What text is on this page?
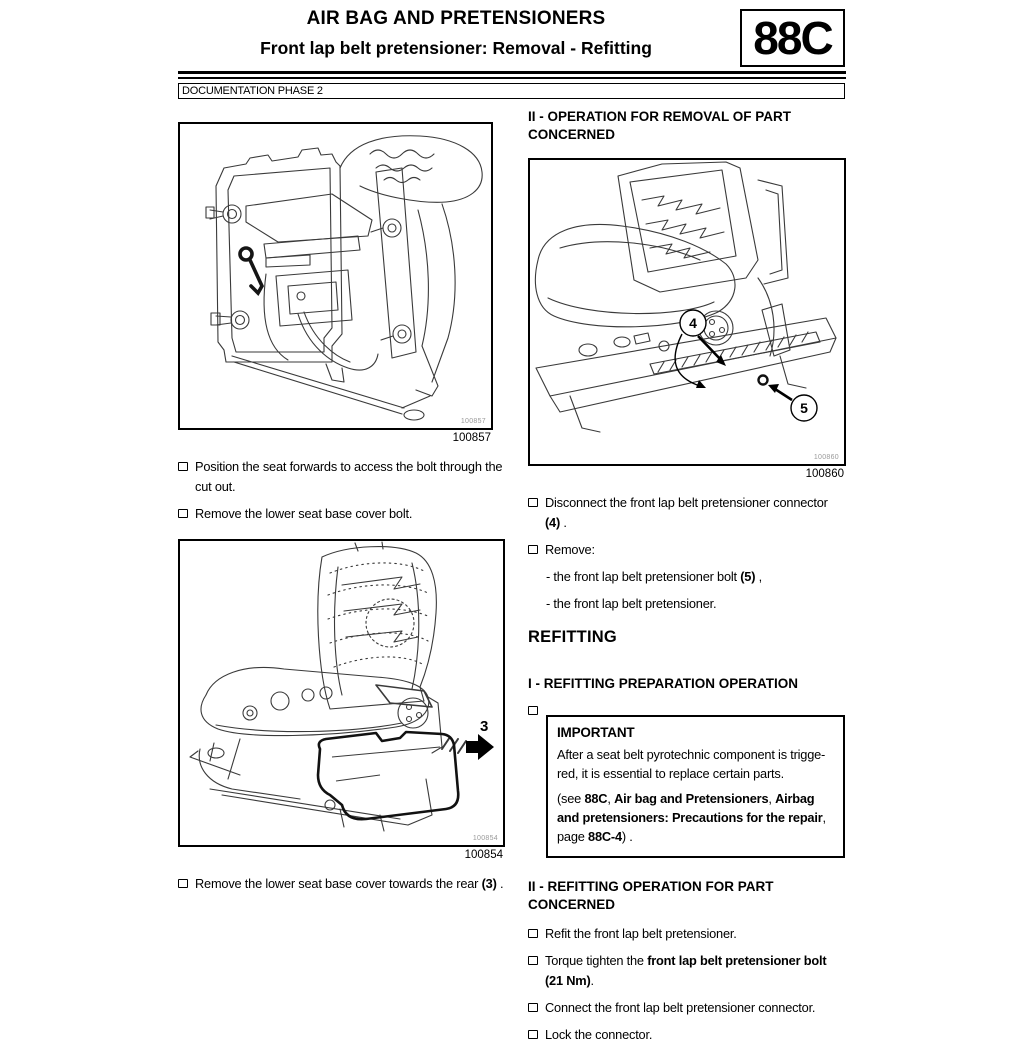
AIR BAG AND PRETENSIONERS
Front lap belt pretensioner: Removal - Refitting	88C
DOCUMENTATION PHASE 2
100857
100857
Position the seat forwards to access the bolt through the cut out.
Remove the lower seat base cover bolt.
3
100854
100854
Remove the lower seat base cover towards the rear (3) .
II - OPERATION FOR REMOVAL OF PART CONCERNED
4
5
100860
100860
Disconnect the front lap belt pretensioner connector (4) .
Remove:
- the front lap belt pretensioner bolt (5) ,
- the front lap belt pretensioner.
REFITTING
I - REFITTING PREPARATION OPERATION
IMPORTANT
After a seat belt pyrotechnic component is trigge-red, it is essential to replace certain parts.

(see 88C, Air bag and Pretensioners, Airbag and pretensioners: Precautions for the repair, page 88C-4) .

II - REFITTING OPERATION FOR PART CONCERNED
Refit the front lap belt pretensioner.
Torque tighten the front lap belt pretensioner bolt (21 Nm).
Connect the front lap belt pretensioner connector.
Lock the connector.
